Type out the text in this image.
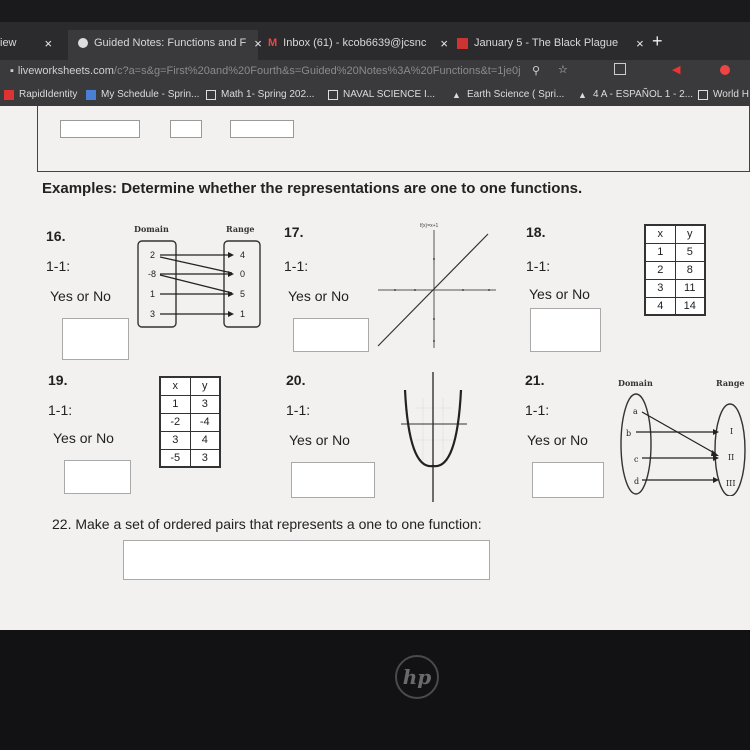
iew ×	Guided Notes: Functions and F × M Inbox (61) - kcob6639@jcsnc × January 5 - The Black Plague × +
▪ liveworksheets.com/c?a=s&g=First%20and%20Fourth&s=Guided%20Notes%3A%20Functions&t=1je0j ⚲ ☆	◀
RapidIdentity My Schedule - Sprin... Math 1- Spring 202...	NAVAL SCIENCE I... ▲ Earth Science ( Spri... ▲ 4 A - ESPAÑOL 1 - 2... World H
Examples: Determine whether the representations are one to one functions.
16.
1-1:
Yes or No
Domain	Range
2
-8
1
3
4
0
5
1
17.
1-1:
Yes or No
f(x)=x+1	18.
1-1:
Yes or No
x	y
1	5
2	8
3	11
4	14
19.
1-1:
Yes or No
x	y
1	3
-2	-4
3	4
-5	3
20.
1-1:
Yes or No
21.
1-1:
Yes or No
Domain	Range
a
b
c
d
I
II
III
22. Make a set of ordered pairs that represents a one to one function:
hp
